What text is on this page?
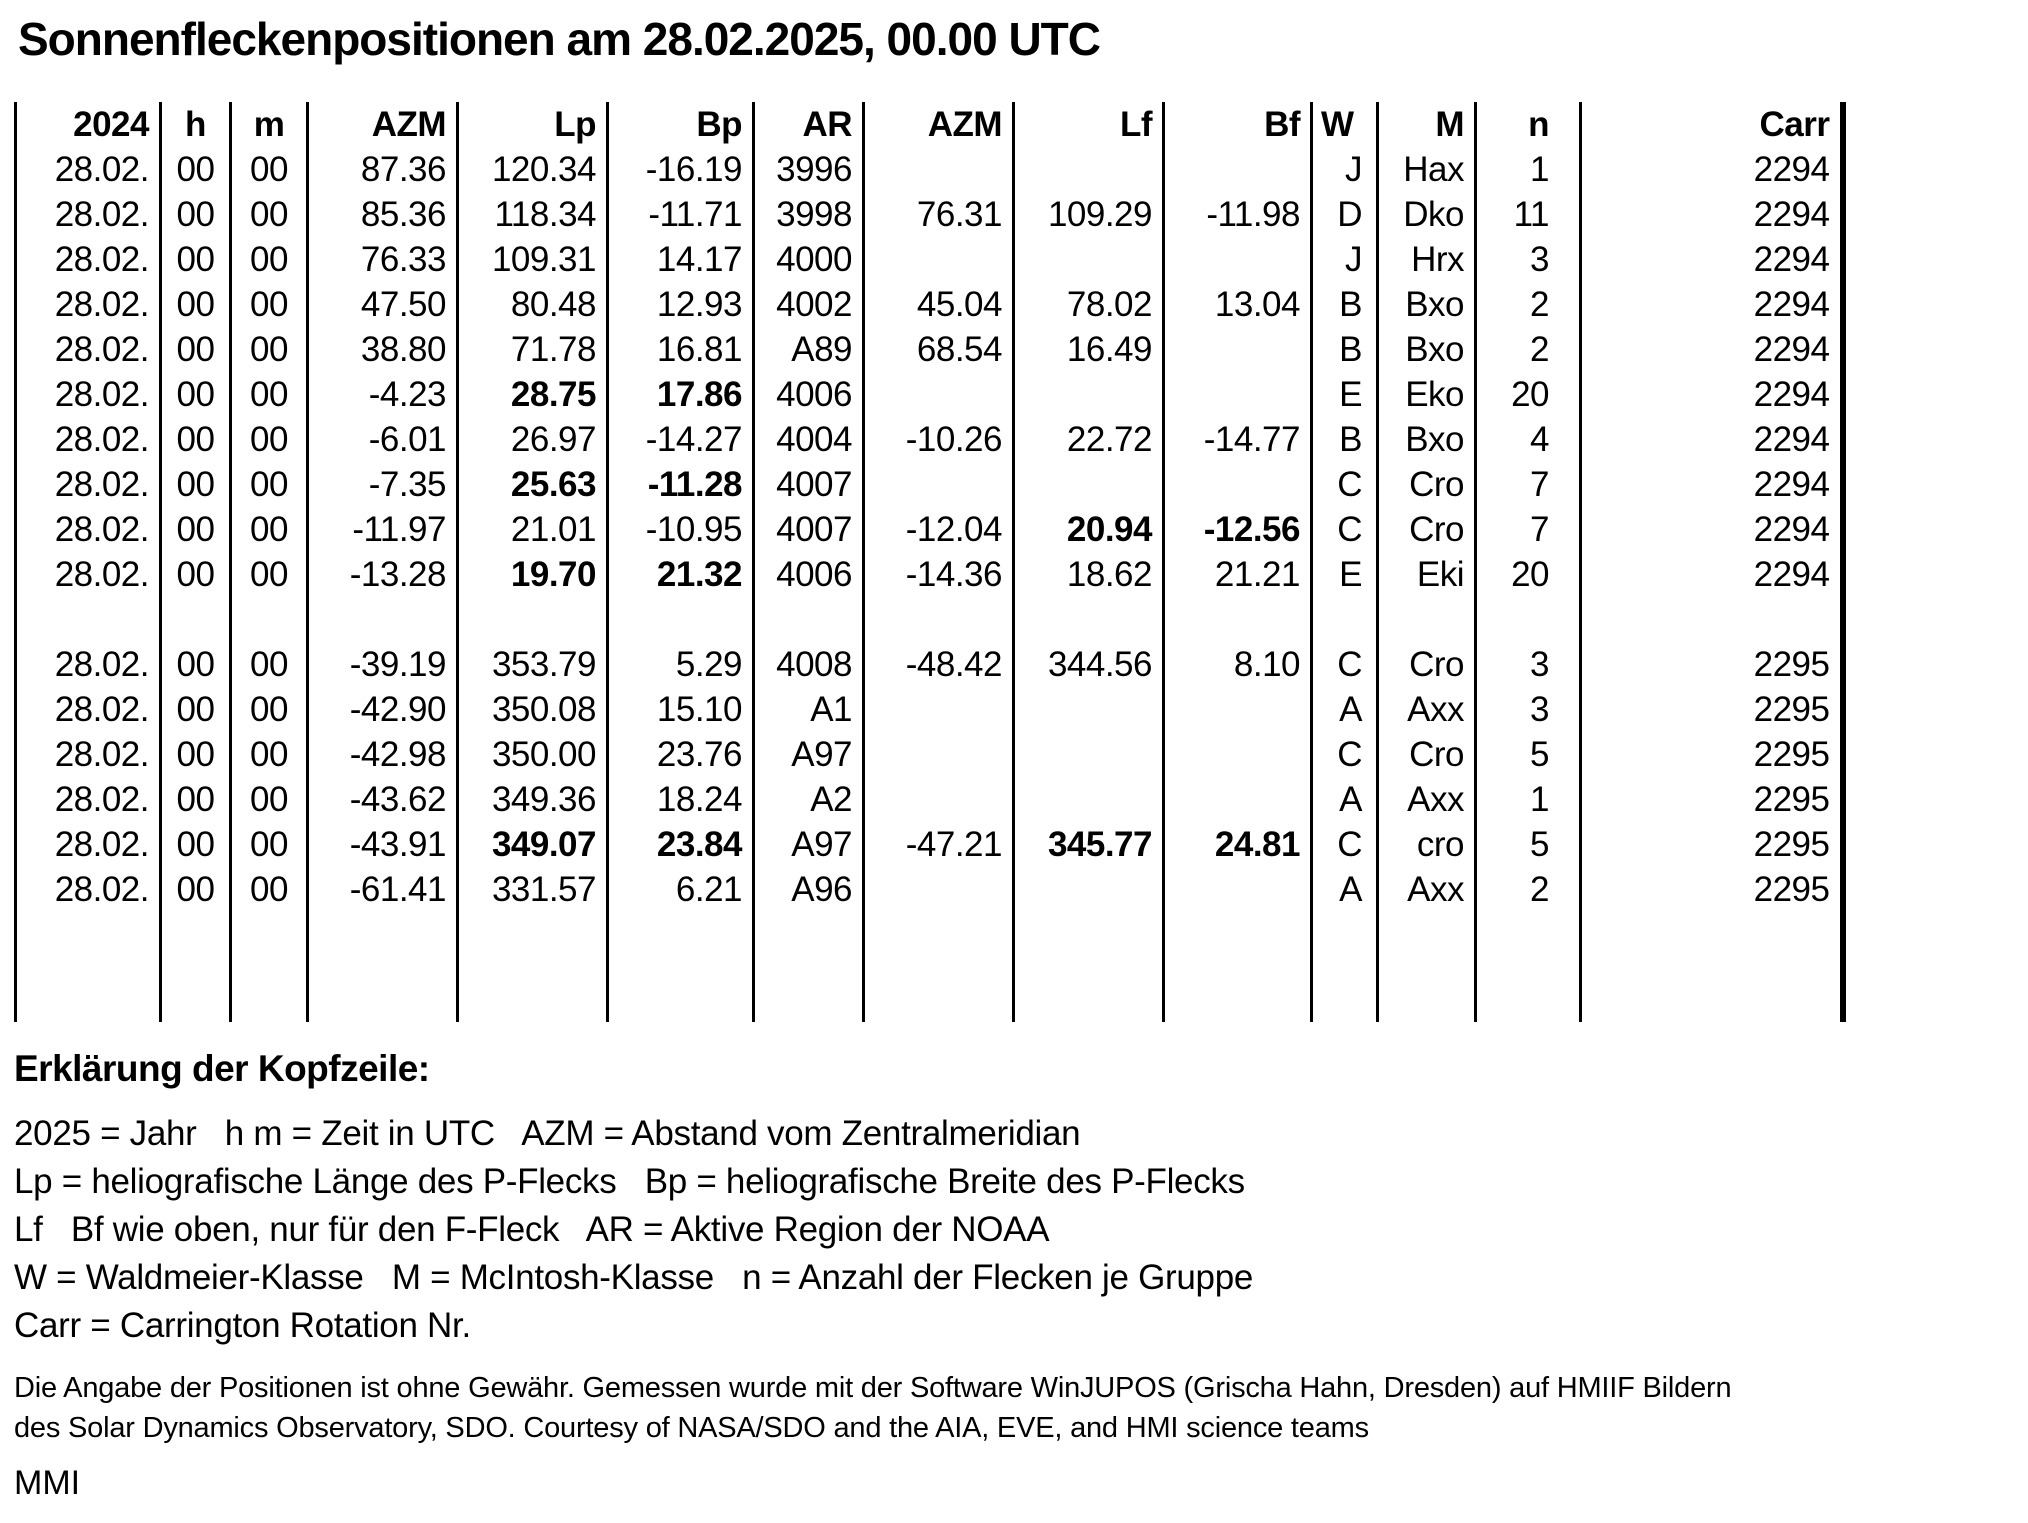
Sonnenfleckenpositionen am 28.02.2025, 00.00 UTC
2024	h	m	AZM	Lp	Bp	AR	AZM	Lf	Bf	W	M	n	Carr
28.02.	00	00	87.36	120.34	-16.19	3996				J	Hax	1	2294
28.02.	00	00	85.36	118.34	-11.71	3998	76.31	109.29	-11.98	D	Dko	11	2294
28.02.	00	00	76.33	109.31	14.17	4000				J	Hrx	3	2294
28.02.	00	00	47.50	80.48	12.93	4002	45.04	78.02	13.04	B	Bxo	2	2294
28.02.	00	00	38.80	71.78	16.81	A89	68.54	16.49		B	Bxo	2	2294
28.02.	00	00	-4.23	28.75	17.86	4006				E	Eko	20	2294
28.02.	00	00	-6.01	26.97	-14.27	4004	-10.26	22.72	-14.77	B	Bxo	4	2294
28.02.	00	00	-7.35	25.63	-11.28	4007				C	Cro	7	2294
28.02.	00	00	-11.97	21.01	-10.95	4007	-12.04	20.94	-12.56	C	Cro	7	2294
28.02.	00	00	-13.28	19.70	21.32	4006	-14.36	18.62	21.21	E	Eki	20	2294

28.02.	00	00	-39.19	353.79	5.29	4008	-48.42	344.56	8.10	C	Cro	3	2295
28.02.	00	00	-42.90	350.08	15.10	A1				A	Axx	3	2295
28.02.	00	00	-42.98	350.00	23.76	A97				C	Cro	5	2295
28.02.	00	00	-43.62	349.36	18.24	A2				A	Axx	1	2295
28.02.	00	00	-43.91	349.07	23.84	A97	-47.21	345.77	24.81	C	cro	5	2295
28.02.	00	00	-61.41	331.57	6.21	A96				A	Axx	2	2295

Erklärung der Kopfzeile:
2025 = Jahr   h m = Zeit in UTC   AZM = Abstand vom Zentralmeridian
Lp = heliografische Länge des P-Flecks   Bp = heliografische Breite des P-Flecks
Lf   Bf wie oben, nur für den F-Fleck   AR = Aktive Region der NOAA
W = Waldmeier-Klasse   M = McIntosh-Klasse   n = Anzahl der Flecken je Gruppe
Carr = Carrington Rotation Nr.
Die Angabe der Positionen ist ohne Gewähr. Gemessen wurde mit der Software WinJUPOS (Grischa Hahn, Dresden) auf HMIIF Bildern
des Solar Dynamics Observatory, SDO. Courtesy of NASA/SDO and the AIA, EVE, and HMI science teams
MMI
